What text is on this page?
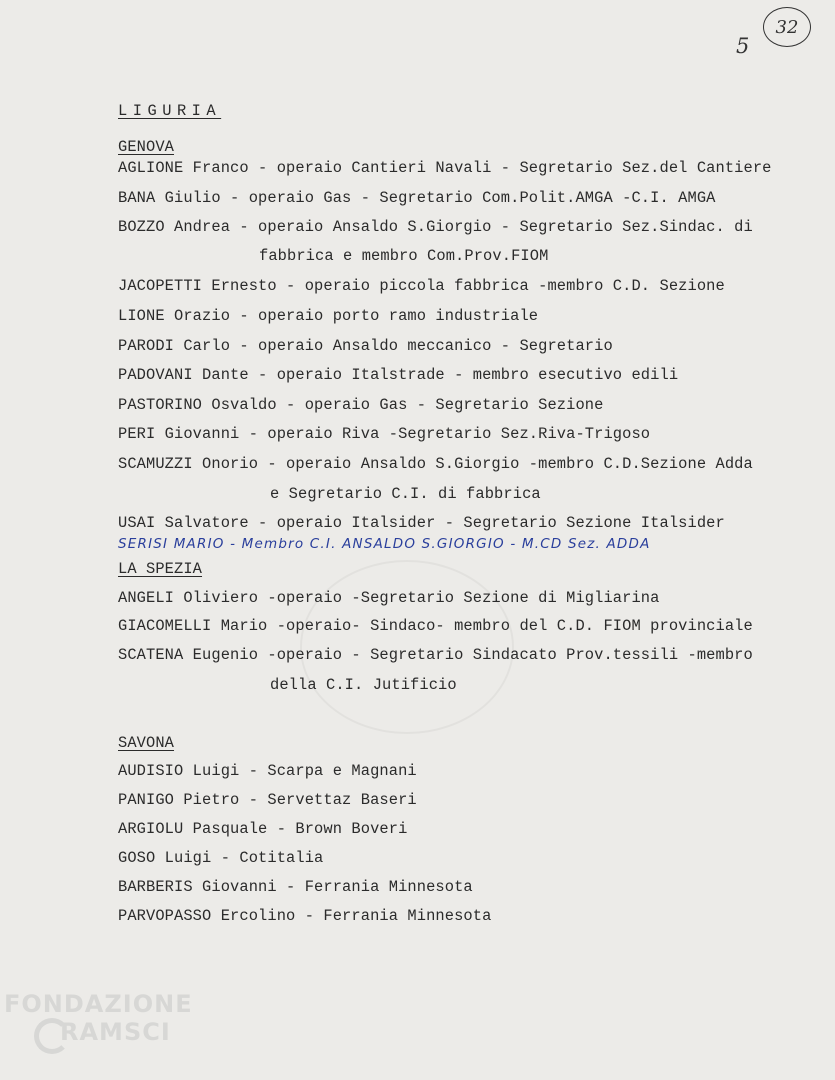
5
32
LIGURIA
GENOVA
AGLIONE Franco - operaio Cantieri Navali - Segretario Sez.del Cantiere
BANA Giulio - operaio Gas - Segretario Com.Polit.AMGA -C.I. AMGA
BOZZO Andrea - operaio Ansaldo S.Giorgio - Segretario Sez.Sindac. di
fabbrica e membro Com.Prov.FIOM
JACOPETTI Ernesto - operaio piccola fabbrica -membro C.D. Sezione
LIONE Orazio - operaio porto ramo industriale
PARODI Carlo - operaio Ansaldo meccanico - Segretario
PADOVANI Dante - operaio Italstrade - membro esecutivo edili
PASTORINO Osvaldo - operaio Gas - Segretario Sezione
PERI Giovanni - operaio Riva -Segretario Sez.Riva-Trigoso
SCAMUZZI Onorio - operaio Ansaldo S.Giorgio -membro C.D.Sezione Adda
e Segretario C.I. di fabbrica
USAI Salvatore - operaio Italsider - Segretario Sezione Italsider
SERISI MARIO - Membro C.I. ANSALDO S.GIORGIO - M.CD Sez. ADDA
LA SPEZIA
ANGELI Oliviero -operaio -Segretario Sezione di Migliarina
GIACOMELLI Mario -operaio- Sindaco- membro del C.D. FIOM provinciale
SCATENA Eugenio -operaio - Segretario Sindacato Prov.tessili -membro
della C.I. Jutificio
SAVONA
AUDISIO Luigi - Scarpa e Magnani
PANIGO Pietro - Servettaz Baseri
ARGIOLU Pasquale - Brown Boveri
GOSO Luigi - Cotitalia
BARBERIS Giovanni - Ferrania Minnesota
PARVOPASSO Ercolino - Ferrania Minnesota
FONDAZIONE
RAMSCI
